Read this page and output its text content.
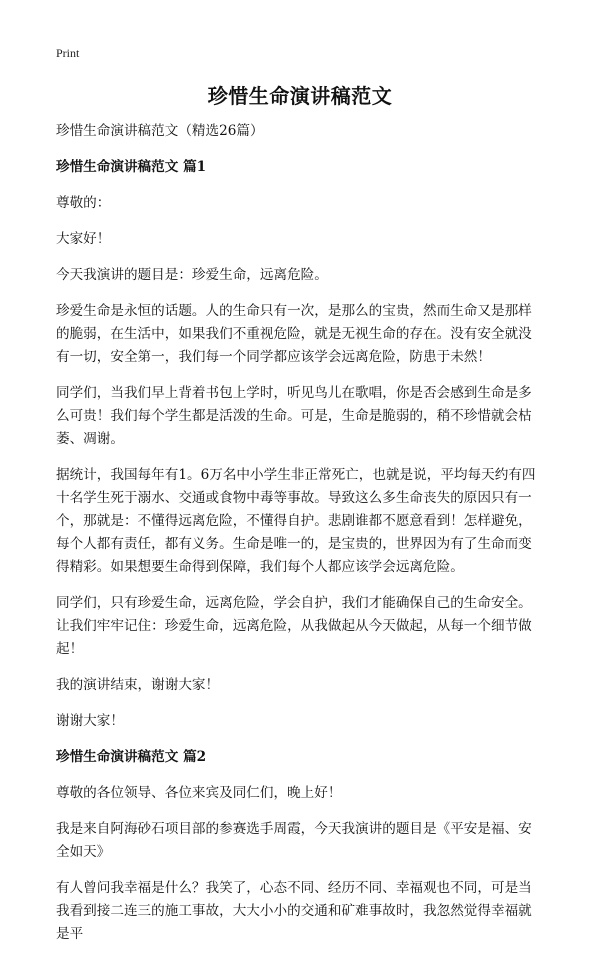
Print
珍惜生命演讲稿范文

珍惜生命演讲稿范文（精选26篇）

珍惜生命演讲稿范文 篇1

尊敬的：

大家好！

今天我演讲的题目是：珍爱生命，远离危险。

珍爱生命是永恒的话题。人的生命只有一次，是那么的宝贵，然而生命又是那样的脆弱，在生活中，如果我们不重视危险，就是无视生命的存在。没有安全就没有一切，安全第一，我们每一个同学都应该学会远离危险，防患于未然！

同学们，当我们早上背着书包上学时，听见鸟儿在歌唱，你是否会感到生命是多么可贵！我们每个学生都是活泼的生命。可是，生命是脆弱的，稍不珍惜就会枯萎、凋谢。

据统计，我国每年有1。6万名中小学生非正常死亡，也就是说，平均每天约有四十名学生死于溺水、交通或食物中毒等事故。导致这么多生命丧失的原因只有一个，那就是：不懂得远离危险，不懂得自护。悲剧谁都不愿意看到！怎样避免，每个人都有责任，都有义务。生命是唯一的，是宝贵的，世界因为有了生命而变得精彩。如果想要生命得到保障，我们每个人都应该学会远离危险。

同学们，只有珍爱生命，远离危险，学会自护，我们才能确保自己的生命安全。让我们牢牢记住：珍爱生命，远离危险，从我做起从今天做起，从每一个细节做起！

我的演讲结束，谢谢大家！

谢谢大家！

珍惜生命演讲稿范文 篇2

尊敬的各位领导、各位来宾及同仁们，晚上好！

我是来自阿海砂石项目部的参赛选手周霞，今天我演讲的题目是《平安是福、安全如天》

有人曾问我幸福是什么？我笑了，心态不同、经历不同、幸福观也不同，可是当我看到接二连三的施工事故，大大小小的交通和矿难事故时，我忽然觉得幸福就是平
